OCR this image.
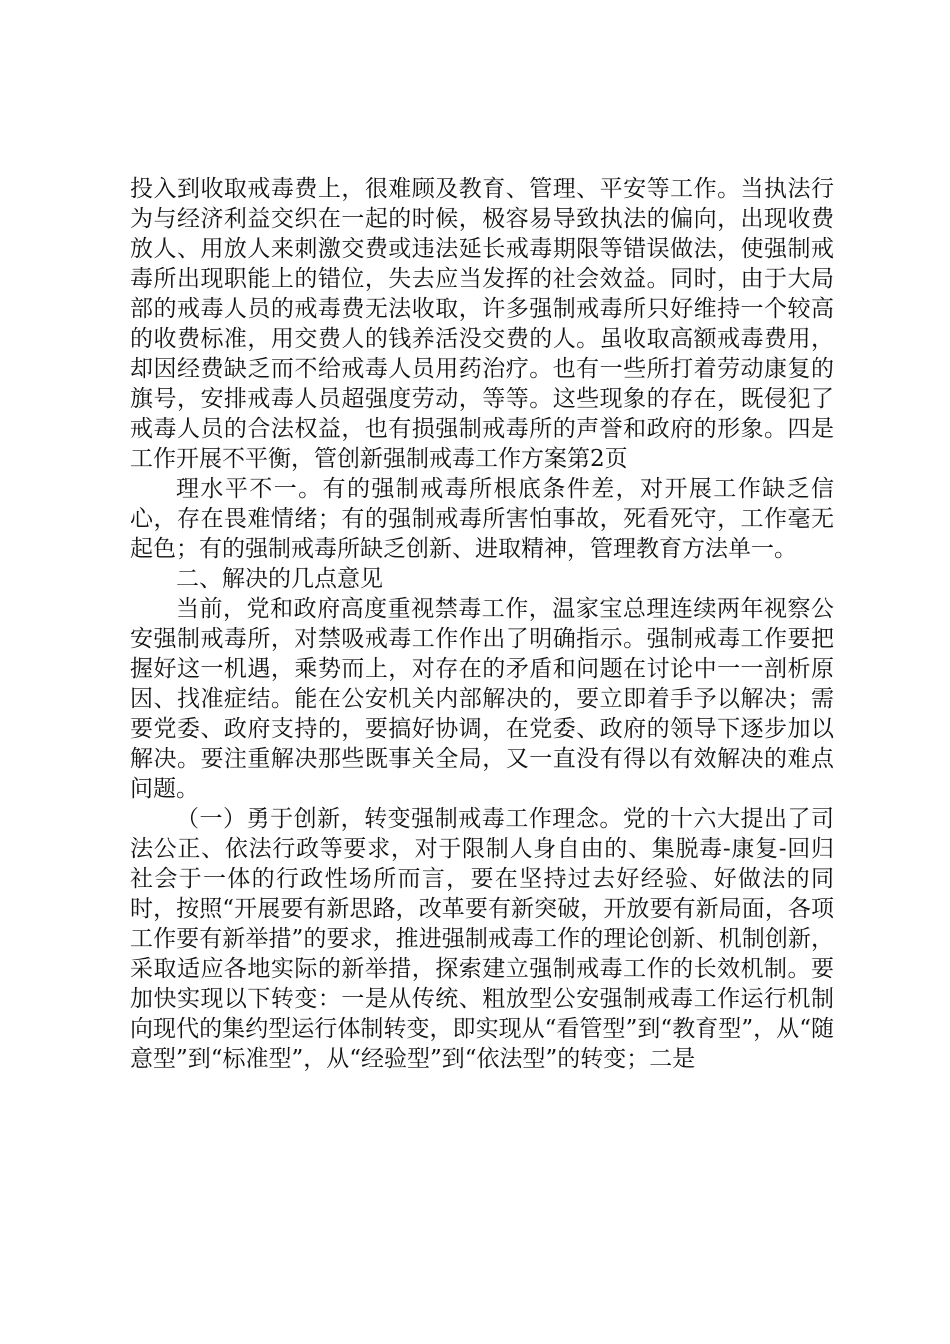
投入到收取戒毒费上，很难顾及教育、管理、平安等工作。当执法行为与经济利益交织在一起的时候，极容易导致执法的偏向，出现收费放人、用放人来刺激交费或违法延长戒毒期限等错误做法，使强制戒毒所出现职能上的错位，失去应当发挥的社会效益。同时，由于大局部的戒毒人员的戒毒费无法收取，许多强制戒毒所只好维持一个较高的收费标准，用交费人的钱养活没交费的人。虽收取高额戒毒费用，却因经费缺乏而不给戒毒人员用药治疗。也有一些所打着劳动康复的旗号，安排戒毒人员超强度劳动，等等。这些现象的存在，既侵犯了戒毒人员的合法权益，也有损强制戒毒所的声誉和政府的形象。四是工作开展不平衡，管创新强制戒毒工作方案第2页

理水平不一。有的强制戒毒所根底条件差，对开展工作缺乏信心，存在畏难情绪；有的强制戒毒所害怕事故，死看死守，工作毫无起色；有的强制戒毒所缺乏创新、进取精神，管理教育方法单一。

二、解决的几点意见

当前，党和政府高度重视禁毒工作，温家宝总理连续两年视察公安强制戒毒所，对禁吸戒毒工作作出了明确指示。强制戒毒工作要把握好这一机遇，乘势而上，对存在的矛盾和问题在讨论中一一剖析原因、找准症结。能在公安机关内部解决的，要立即着手予以解决；需要党委、政府支持的，要搞好协调，在党委、政府的领导下逐步加以解决。要注重解决那些既事关全局，又一直没有得以有效解决的难点问题。

（一）勇于创新，转变强制戒毒工作理念。党的十六大提出了司法公正、依法行政等要求，对于限制人身自由的、集脱毒-康复-回归社会于一体的行政性场所而言，要在坚持过去好经验、好做法的同时，按照“开展要有新思路，改革要有新突破，开放要有新局面，各项工作要有新举措”的要求，推进强制戒毒工作的理论创新、机制创新，采取适应各地实际的新举措，探索建立强制戒毒工作的长效机制。要加快实现以下转变：一是从传统、粗放型公安强制戒毒工作运行机制向现代的集约型运行体制转变，即实现从“看管型”到“教育型”，从“随意型”到“标准型”，从“经验型”到“依法型”的转变；二是
